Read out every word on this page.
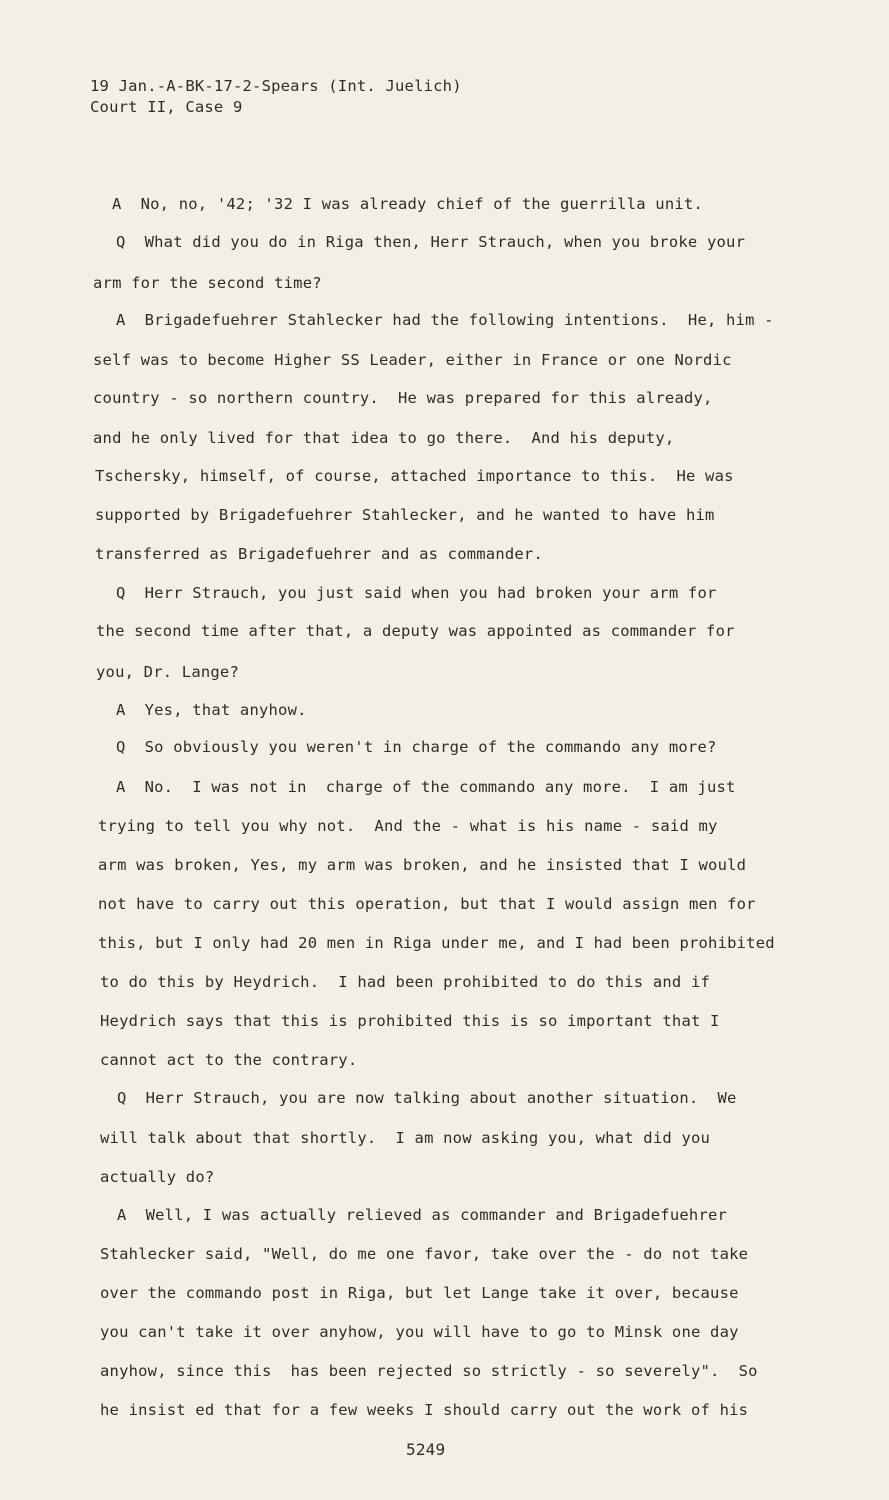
19 Jan.-A-BK-17-2-Spears (Int. Juelich)
Court II, Case 9
A  No, no, '42; '32 I was already chief of the guerrilla unit.
Q  What did you do in Riga then, Herr Strauch, when you broke your
arm for the second time?
A  Brigadefuehrer Stahlecker had the following intentions.  He, him -
self was to become Higher SS Leader, either in France or one Nordic
country - so northern country.  He was prepared for this already,
and he only lived for that idea to go there.  And his deputy,
Tschersky, himself, of course, attached importance to this.  He was
supported by Brigadefuehrer Stahlecker, and he wanted to have him
transferred as Brigadefuehrer and as commander.
Q  Herr Strauch, you just said when you had broken your arm for
the second time after that, a deputy was appointed as commander for
you, Dr. Lange?
A  Yes, that anyhow.
Q  So obviously you weren't in charge of the commando any more?
A  No.  I was not in  charge of the commando any more.  I am just
trying to tell you why not.  And the - what is his name - said my
arm was broken, Yes, my arm was broken, and he insisted that I would
not have to carry out this operation, but that I would assign men for
this, but I only had 20 men in Riga under me, and I had been prohibited
to do this by Heydrich.  I had been prohibited to do this and if
Heydrich says that this is prohibited this is so important that I
cannot act to the contrary.
Q  Herr Strauch, you are now talking about another situation.  We
will talk about that shortly.  I am now asking you, what did you
actually do?
A  Well, I was actually relieved as commander and Brigadefuehrer
Stahlecker said, "Well, do me one favor, take over the - do not take
over the commando post in Riga, but let Lange take it over, because
you can't take it over anyhow, you will have to go to Minsk one day
anyhow, since this  has been rejected so strictly - so severely".  So
he insist ed that for a few weeks I should carry out the work of his
5249
